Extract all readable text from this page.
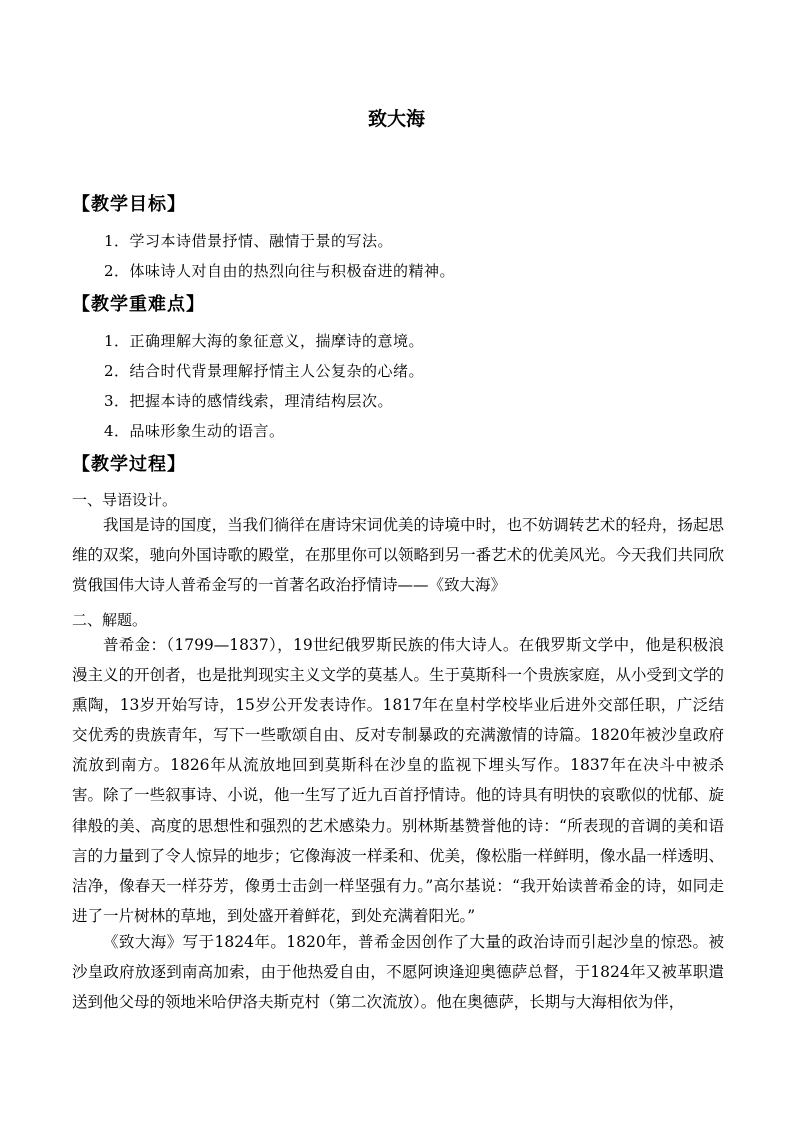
致大海
【教学目标】
1．学习本诗借景抒情、融情于景的写法。
2．体味诗人对自由的热烈向往与积极奋进的精神。
【教学重难点】
1．正确理解大海的象征意义，揣摩诗的意境。
2．结合时代背景理解抒情主人公复杂的心绪。
3．把握本诗的感情线索，理清结构层次。
4．品味形象生动的语言。
【教学过程】
一、导语设计。
我国是诗的国度，当我们徜徉在唐诗宋词优美的诗境中时，也不妨调转艺术的轻舟，扬起思维的双桨，驰向外国诗歌的殿堂，在那里你可以领略到另一番艺术的优美风光。今天我们共同欣赏俄国伟大诗人普希金写的一首著名政治抒情诗——《致大海》
二、解题。
普希金：（1799—1837），19世纪俄罗斯民族的伟大诗人。在俄罗斯文学中，他是积极浪漫主义的开创者，也是批判现实主义文学的莫基人。生于莫斯科一个贵族家庭，从小受到文学的熏陶，13岁开始写诗，15岁公开发表诗作。1817年在皇村学校毕业后进外交部任职，广泛结交优秀的贵族青年，写下一些歌颂自由、反对专制暴政的充满激情的诗篇。1820年被沙皇政府流放到南方。1826年从流放地回到莫斯科在沙皇的监视下埋头写作。1837年在决斗中被杀害。除了一些叙事诗、小说，他一生写了近九百首抒情诗。他的诗具有明快的哀歌似的忧郁、旋律般的美、高度的思想性和强烈的艺术感染力。别林斯基赞誉他的诗：“所表现的音调的美和语言的力量到了令人惊异的地步；它像海波一样柔和、优美，像松脂一样鲜明，像水晶一样透明、洁净，像春天一样芬芳，像勇士击剑一样坚强有力。”高尔基说：“我开始读普希金的诗，如同走进了一片树林的草地，到处盛开着鲜花，到处充满着阳光。”
《致大海》写于1824年。1820年，普希金因创作了大量的政治诗而引起沙皇的惊恐。被沙皇政府放逐到南高加索，由于他热爱自由，不愿阿谀逢迎奥德萨总督，于1824年又被革职遣送到他父母的领地米哈伊洛夫斯克村（第二次流放）。他在奥德萨，长期与大海相依为伴，
